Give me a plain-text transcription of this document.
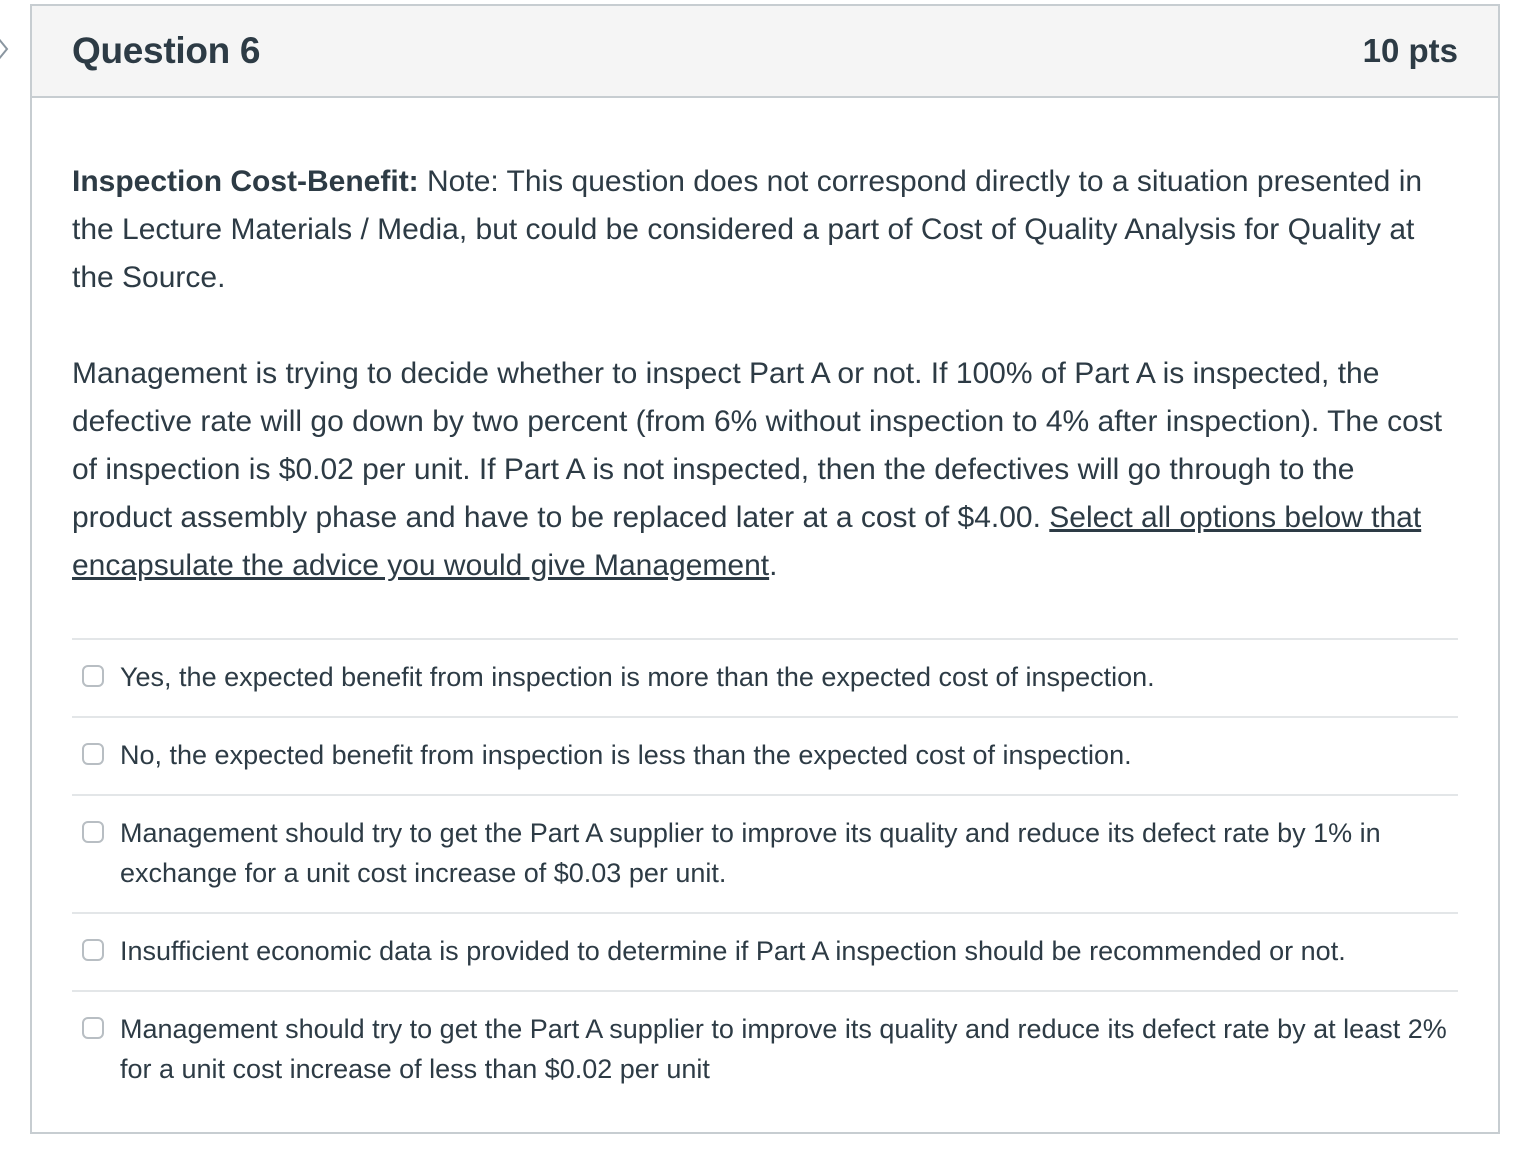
Question 6	10 pts

Inspection Cost-Benefit: Note: This question does not correspond directly to a situation presented in the Lecture Materials / Media, but could be considered a part of Cost of Quality Analysis for Quality at the Source.

Management is trying to decide whether to inspect Part A or not. If 100% of Part A is inspected, the defective rate will go down by two percent (from 6% without inspection to 4% after inspection). The cost of inspection is $0.02 per unit. If Part A is not inspected, then the defectives will go through to the product assembly phase and have to be replaced later at a cost of $4.00. Select all options below that encapsulate the advice you would give Management.

Yes, the expected benefit from inspection is more than the expected cost of inspection.
No, the expected benefit from inspection is less than the expected cost of inspection.
Management should try to get the Part A supplier to improve its quality and reduce its defect rate by 1% in exchange for a unit cost increase of $0.03 per unit.
Insufficient economic data is provided to determine if Part A inspection should be recommended or not.
Management should try to get the Part A supplier to improve its quality and reduce its defect rate by at least 2% for a unit cost increase of less than $0.02 per unit
